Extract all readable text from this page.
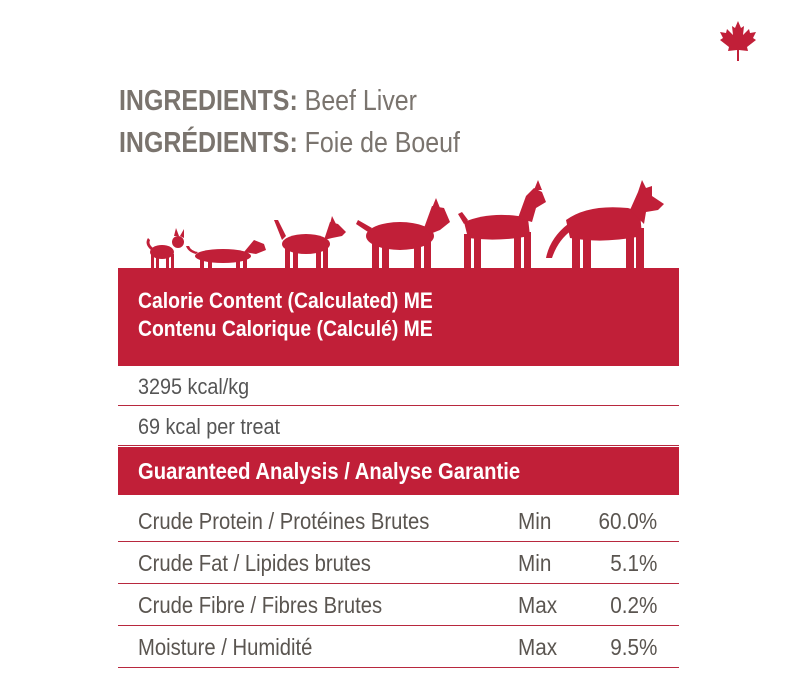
INGREDIENTS: Beef Liver
INGRÉDIENTS: Foie de Boeuf
Calorie Content (Calculated) ME
Contenu Calorique (Calculé) ME
3295 kcal/kg
69 kcal per treat
Guaranteed Analysis / Analyse Garantie
Crude Protein / Protéines Brutes	Min 60.0%
Crude Fat / Lipides brutes	Min	5.1%
Crude Fibre / Fibres Brutes	Max 0.2%
Moisture / Humidité	Max 9.5%
